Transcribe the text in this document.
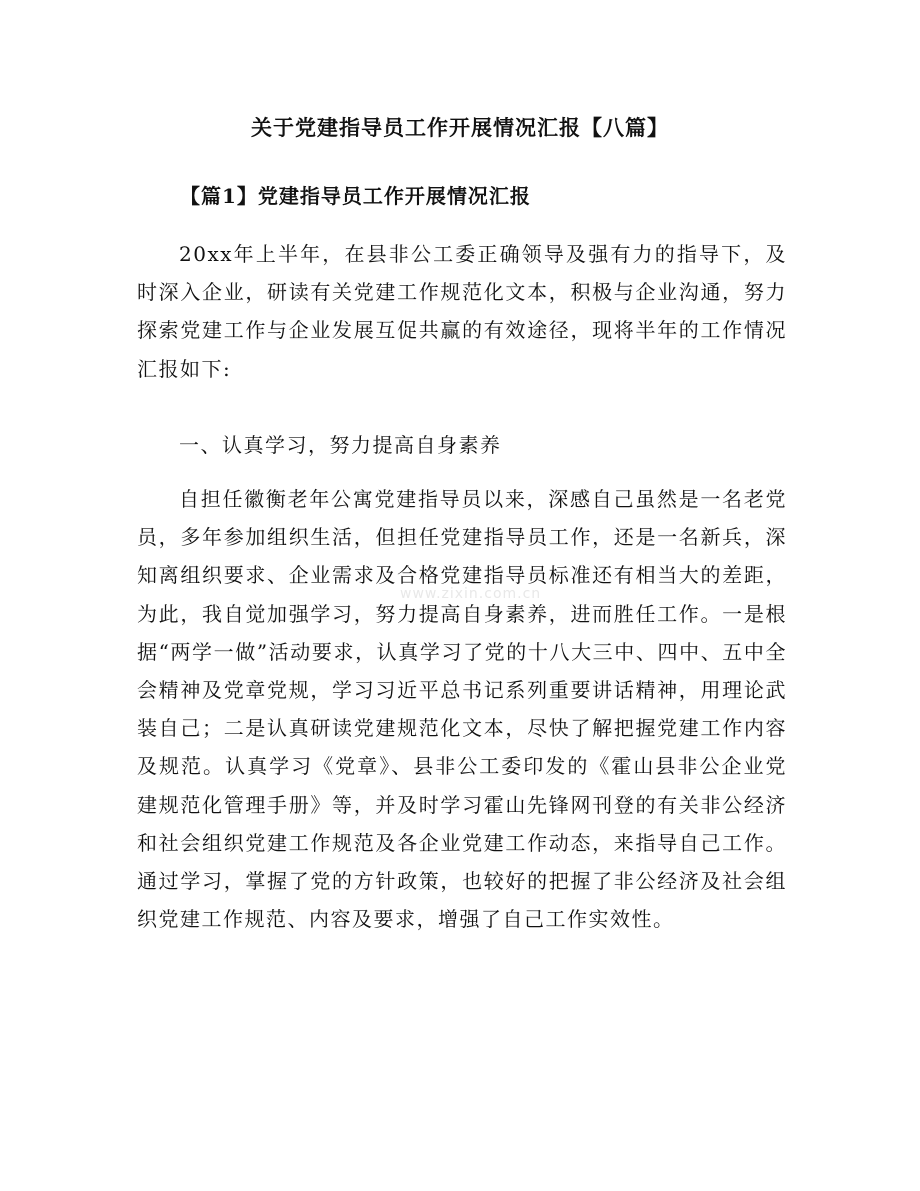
关于党建指导员工作开展情况汇报【八篇】
【篇1】党建指导员工作开展情况汇报

20xx年上半年，在县非公工委正确领导及强有力的指导下，及时深入企业，研读有关党建工作规范化文本，积极与企业沟通，努力探索党建工作与企业发展互促共赢的有效途径，现将半年的工作情况汇报如下:

一、认真学习，努力提高自身素养

自担任徽衡老年公寓党建指导员以来，深感自己虽然是一名老党员，多年参加组织生活，但担任党建指导员工作，还是一名新兵，深知离组织要求、企业需求及合格党建指导员标准还有相当大的差距，为此，我自觉加强学习，努力提高自身素养，进而胜任工作。一是根据“两学一做”活动要求，认真学习了党的十八大三中、四中、五中全会精神及党章党规，学习习近平总书记系列重要讲话精神，用理论武装自己；二是认真研读党建规范化文本，尽快了解把握党建工作内容及规范。认真学习《党章》、县非公工委印发的《霍山县非公企业党建规范化管理手册》等，并及时学习霍山先锋网刊登的有关非公经济和社会组织党建工作规范及各企业党建工作动态，来指导自己工作。通过学习，掌握了党的方针政策，也较好的把握了非公经济及社会组织党建工作规范、内容及要求，增强了自己工作实效性。

www.zixin.com.cn
